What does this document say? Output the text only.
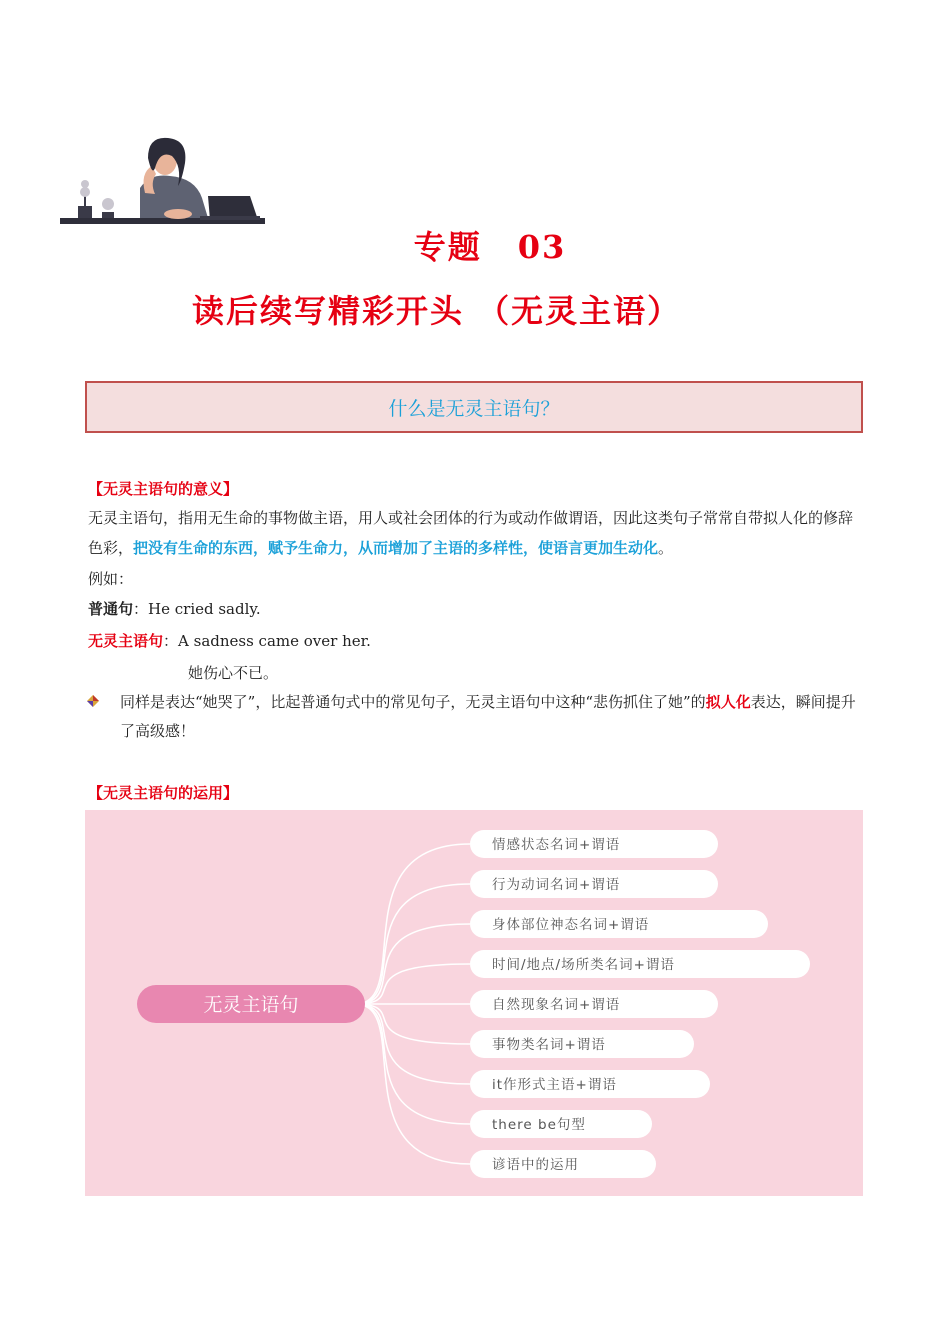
专题 03
读后续写精彩开头 （无灵主语）
什么是无灵主语句？
【无灵主语句的意义】
无灵主语句，指用无生命的事物做主语，用人或社会团体的行为或动作做谓语，因此这类句子常常自带拟人化的修辞色彩，把没有生命的东西，赋予生命力，从而增加了主语的多样性，使语言更加生动化。
例如：
普通句：He cried sadly.
无灵主语句：A sadness came over her.
她伤心不已。
同样是表达“她哭了”，比起普通句式中的常见句子，无灵主语句中这种“悲伤抓住了她”的拟人化表达，瞬间提升了高级感！
【无灵主语句的运用】
无灵主语句
情感状态名词+谓语
行为动词名词+谓语
身体部位神态名词+谓语
时间/地点/场所类名词+谓语
自然现象名词+谓语
事物类名词+谓语
it作形式主语+谓语
there be句型
谚语中的运用
